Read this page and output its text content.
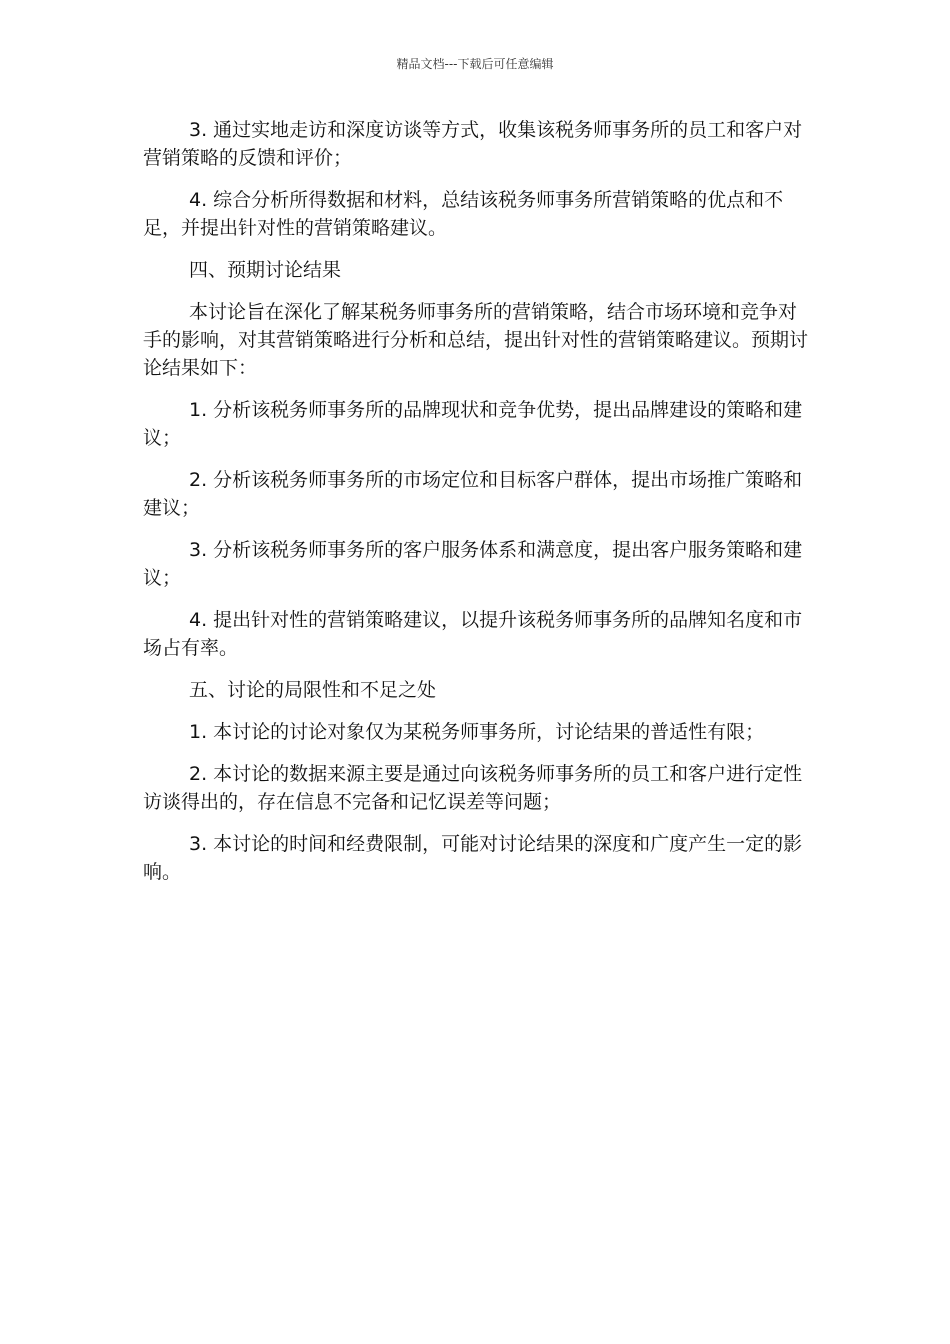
精品文档---下载后可任意编辑

3. 通过实地走访和深度访谈等方式，收集该税务师事务所的员工和客户对营销策略的反馈和评价；

4. 综合分析所得数据和材料，总结该税务师事务所营销策略的优点和不足，并提出针对性的营销策略建议。

四、预期讨论结果

本讨论旨在深化了解某税务师事务所的营销策略，结合市场环境和竞争对手的影响，对其营销策略进行分析和总结，提出针对性的营销策略建议。预期讨论结果如下：

1. 分析该税务师事务所的品牌现状和竞争优势，提出品牌建设的策略和建议；

2. 分析该税务师事务所的市场定位和目标客户群体，提出市场推广策略和建议；

3. 分析该税务师事务所的客户服务体系和满意度，提出客户服务策略和建议；

4. 提出针对性的营销策略建议，以提升该税务师事务所的品牌知名度和市场占有率。

五、讨论的局限性和不足之处

1. 本讨论的讨论对象仅为某税务师事务所，讨论结果的普适性有限；

2. 本讨论的数据来源主要是通过向该税务师事务所的员工和客户进行定性访谈得出的，存在信息不完备和记忆误差等问题；

3. 本讨论的时间和经费限制，可能对讨论结果的深度和广度产生一定的影响。
